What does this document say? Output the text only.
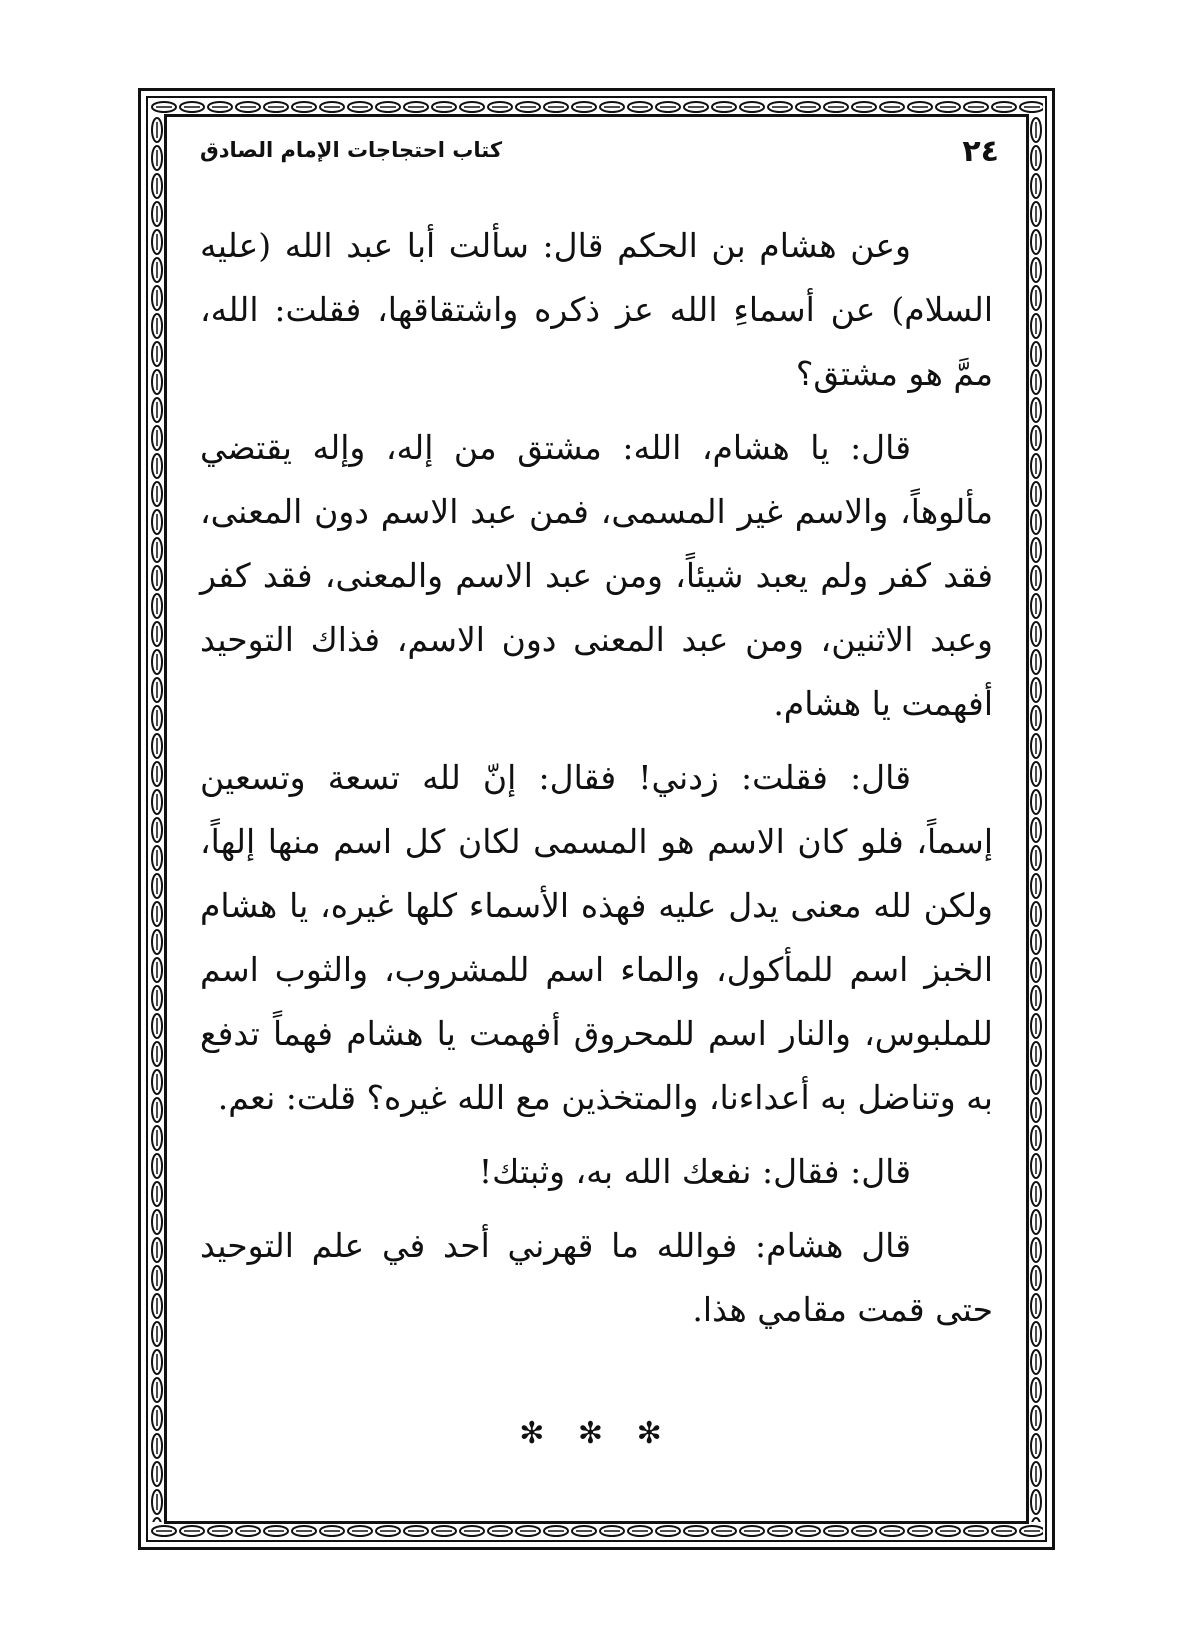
٢٤
كتاب احتجاجات الإمام الصادق

وعن هشام بن الحكم قال: سألت أبا عبد الله (عليه السلام) عن أسماءِ الله عز ذكره واشتقاقها، فقلت: الله، ممَّ هو مشتق؟

قال: يا هشام، الله: مشتق من إله، وإله يقتضي مألوهاً، والاسم غير المسمى، فمن عبد الاسم دون المعنى، فقد كفر ولم يعبد شيئاً، ومن عبد الاسم والمعنى، فقد كفر وعبد الاثنين، ومن عبد المعنى دون الاسم، فذاك التوحيد أفهمت يا هشام.

قال: فقلت: زدني! فقال: إنّ لله تسعة وتسعين إسماً، فلو كان الاسم هو المسمى لكان كل اسم منها إلهاً، ولكن لله معنى يدل عليه فهذه الأسماء كلها غيره، يا هشام الخبز اسم للمأكول، والماء اسم للمشروب، والثوب اسم للملبوس، والنار اسم للمحروق أفهمت يا هشام فهماً تدفع به وتناضل به أعداءنا، والمتخذين مع الله غيره؟ قلت: نعم.

قال: فقال: نفعك الله به، وثبتك!

قال هشام: فوالله ما قهرني أحد في علم التوحيد حتى قمت مقامي هذا.

✻ ✻ ✻
